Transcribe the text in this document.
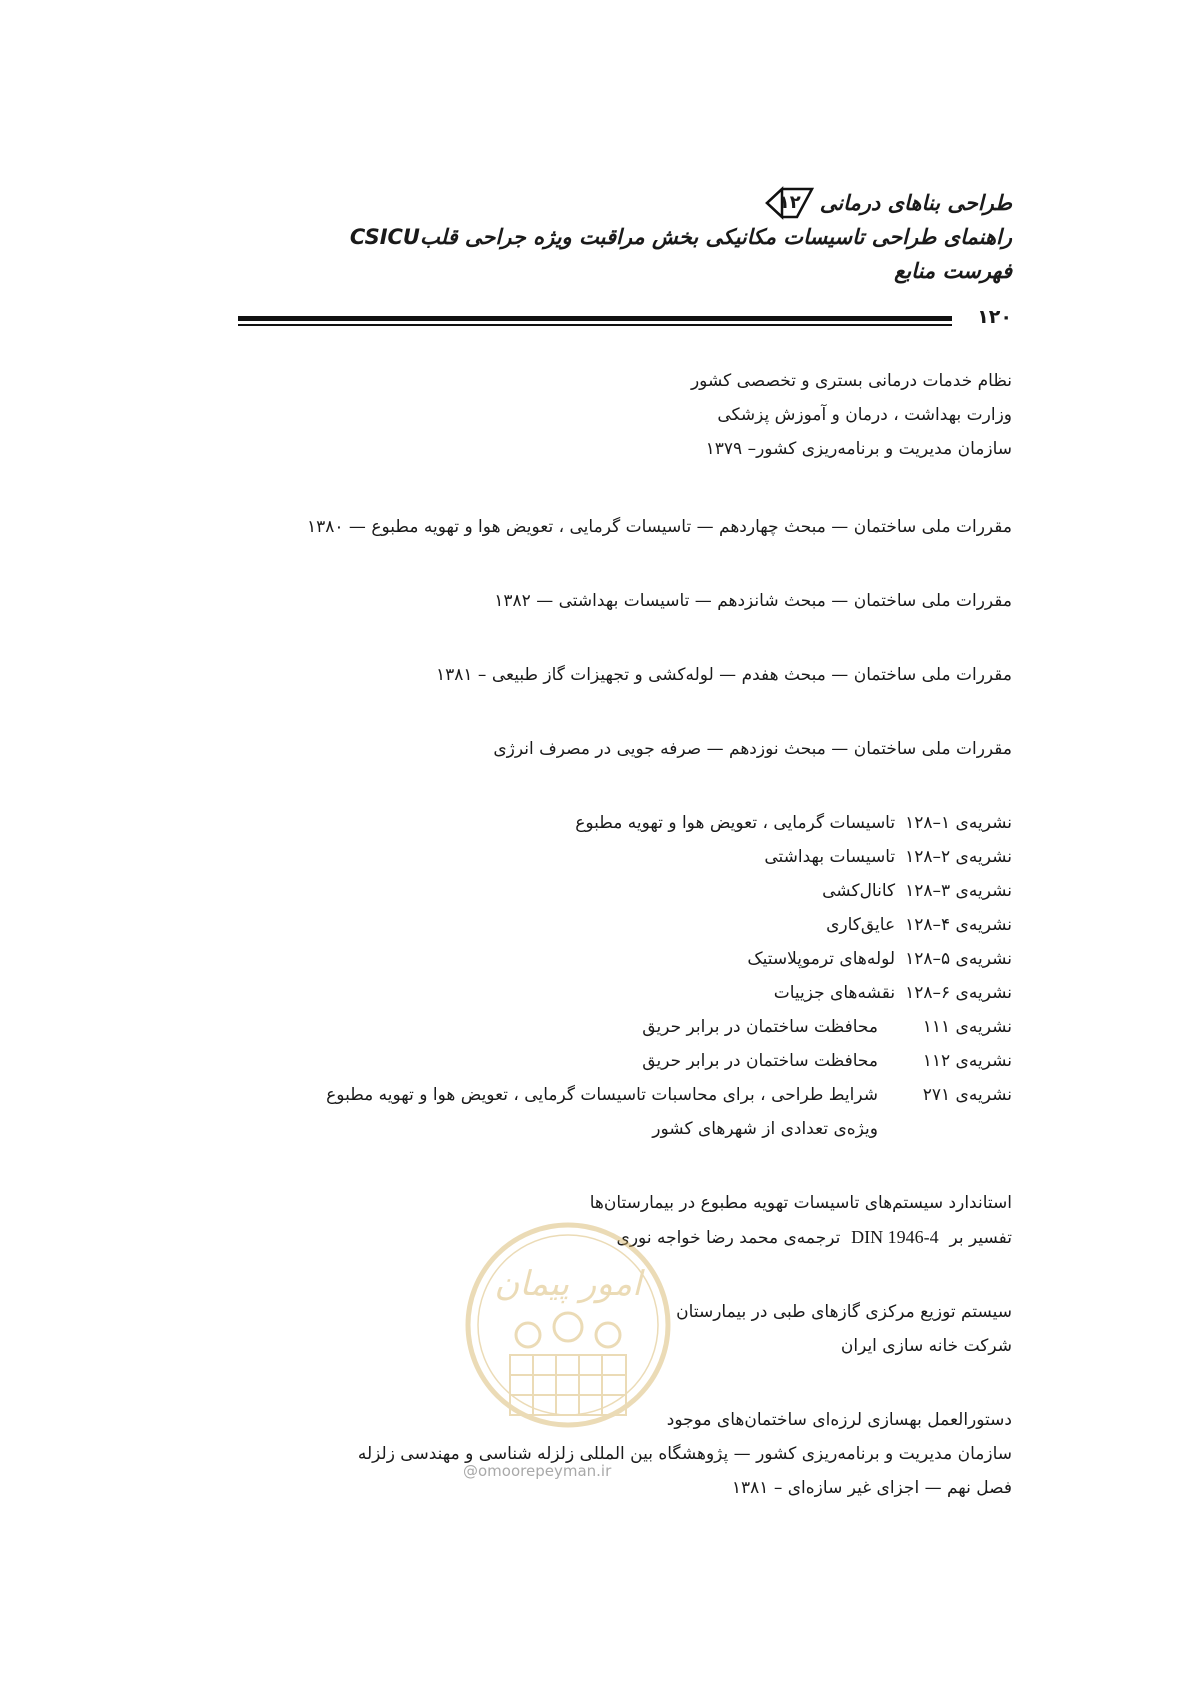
طراحی بناهای درمانی
۱۲
راهنمای طراحی تاسیسات مکانیکی بخش مراقبت ویژه جراحی قلبCSICU
فهرست منابع
۱۲۰
نظام خدمات درمانی بستری و تخصصی کشور
وزارت بهداشت ، درمان و آموزش پزشکی
سازمان مدیریت و برنامه‌ریزی کشور– ۱۳۷۹
مقررات ملی ساختمان — مبحث چهاردهم — تاسیسات گرمایی ، تعویض هوا و تهویه مطبوع — ۱۳۸۰
مقررات ملی ساختمان — مبحث شانزدهم — تاسیسات بهداشتی — ۱۳۸۲
مقررات ملی ساختمان — مبحث هفدم — لوله‌کشی و تجهیزات گاز طبیعی – ۱۳۸۱
مقررات ملی ساختمان — مبحث نوزدهم — صرفه جویی در مصرف انرژی
نشریه‌ی ۱–۱۲۸
تاسیسات گرمایی ، تعویض هوا و تهویه مطبوع
نشریه‌ی ۲–۱۲۸
تاسیسات بهداشتی
نشریه‌ی ۳–۱۲۸
کانال‌کشی
نشریه‌ی ۴–۱۲۸
عایق‌کاری
نشریه‌ی ۵–۱۲۸
لوله‌های ترموپلاستیک
نشریه‌ی ۶–۱۲۸
نقشه‌های جزییات
نشریه‌ی ۱۱۱
محافظت ساختمان در برابر حریق
نشریه‌ی ۱۱۲
محافظت ساختمان در برابر حریق
نشریه‌ی ۲۷۱
شرایط طراحی ، برای محاسبات تاسیسات گرمایی ، تعویض هوا و تهویه مطبوع
ویژه‌ی تعدادی از شهرهای کشور
استاندارد سیستم‌های تاسیسات تهویه مطبوع در بیمارستان‌ها
تفسیر بر  DIN 1946-4  ترجمه‌ی محمد رضا خواجه نوری
سیستم توزیع مرکزی گازهای طبی در بیمارستان
شرکت خانه سازی ایران
دستورالعمل بهسازی لرزه‌ای ساختمان‌های موجود
سازمان مدیریت و برنامه‌ریزی کشور — پژوهشگاه بین المللی زلزله شناسی و مهندسی زلزله
فصل نهم — اجزای غیر سازه‌ای – ۱۳۸۱
امور پیمان
@omoorepeyman.ir
